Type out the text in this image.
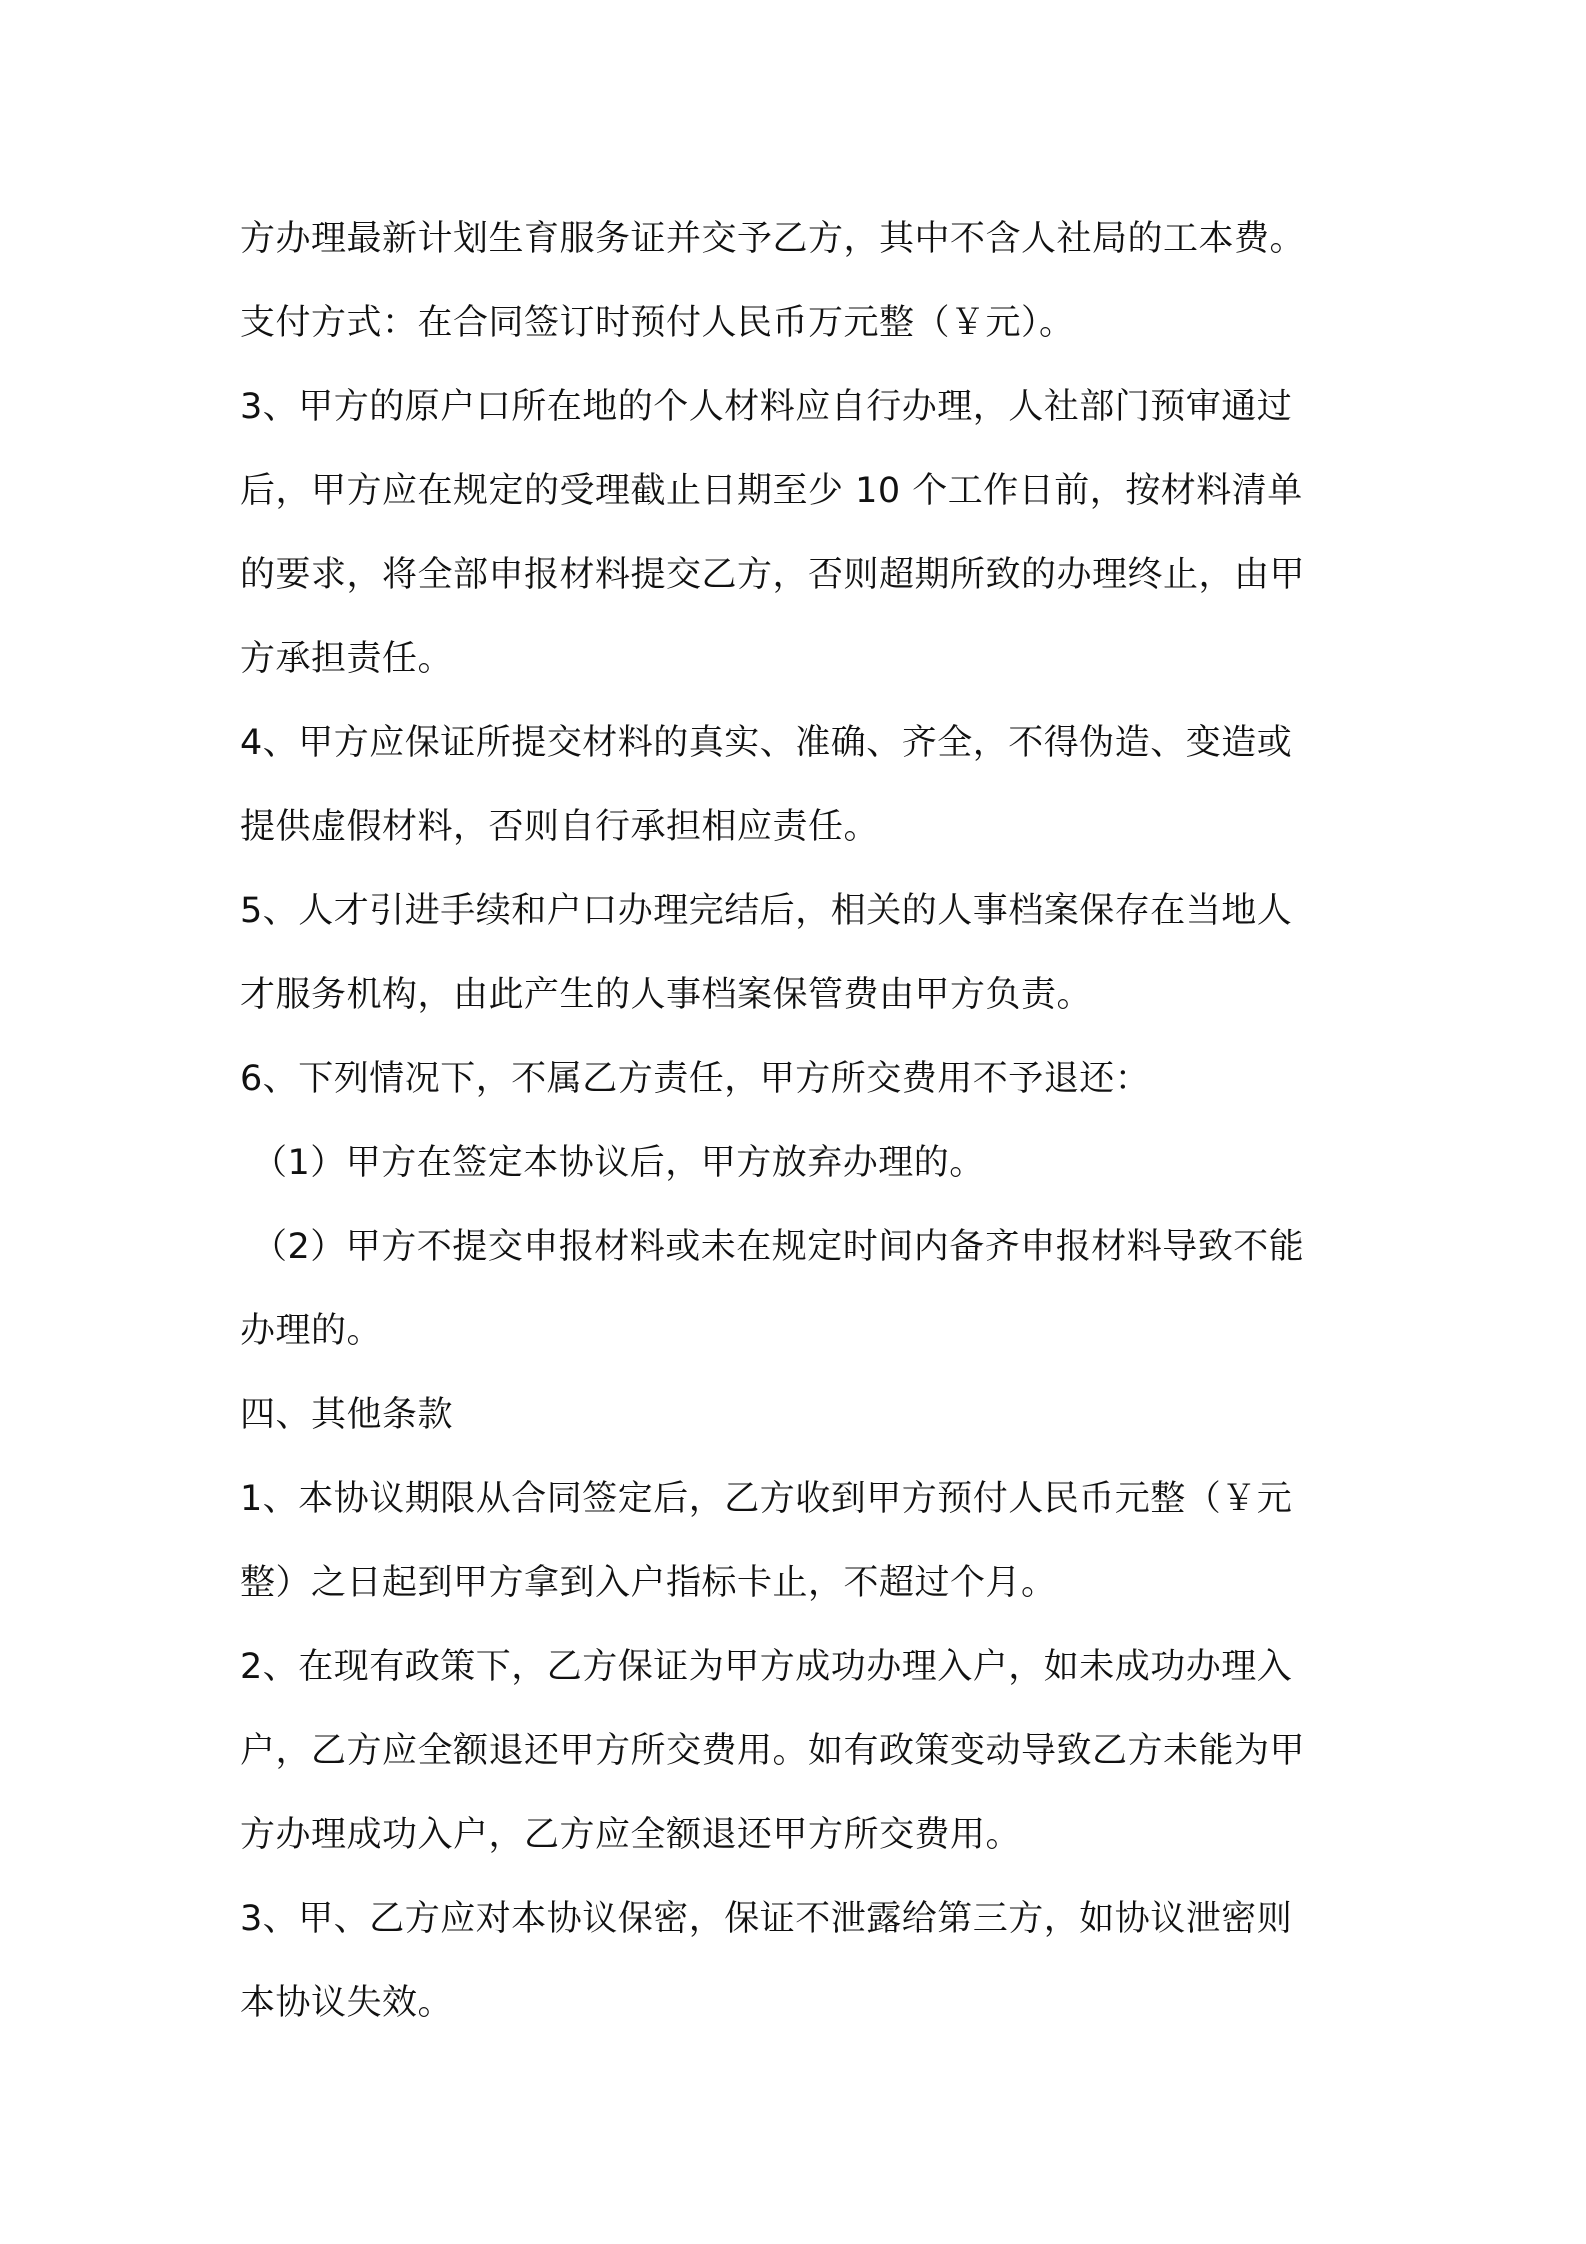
方办理最新计划生育服务证并交予乙方，其中不含人社局的工本费。
支付方式：在合同签订时预付人民币万元整（￥元）。
3、甲方的原户口所在地的个人材料应自行办理，人社部门预审通过
后，甲方应在规定的受理截止日期至少 10 个工作日前，按材料清单
的要求，将全部申报材料提交乙方，否则超期所致的办理终止，由甲
方承担责任。
4、甲方应保证所提交材料的真实、准确、齐全，不得伪造、变造或
提供虚假材料，否则自行承担相应责任。
5、人才引进手续和户口办理完结后，相关的人事档案保存在当地人
才服务机构，由此产生的人事档案保管费由甲方负责。
6、下列情况下，不属乙方责任，甲方所交费用不予退还：
（1）甲方在签定本协议后，甲方放弃办理的。
（2）甲方不提交申报材料或未在规定时间内备齐申报材料导致不能
办理的。
四、其他条款
1、本协议期限从合同签定后，乙方收到甲方预付人民币元整（￥元
整）之日起到甲方拿到入户指标卡止，不超过个月。
2、在现有政策下，乙方保证为甲方成功办理入户，如未成功办理入
户，乙方应全额退还甲方所交费用。如有政策变动导致乙方未能为甲
方办理成功入户，乙方应全额退还甲方所交费用。
3、甲、乙方应对本协议保密，保证不泄露给第三方，如协议泄密则
本协议失效。
